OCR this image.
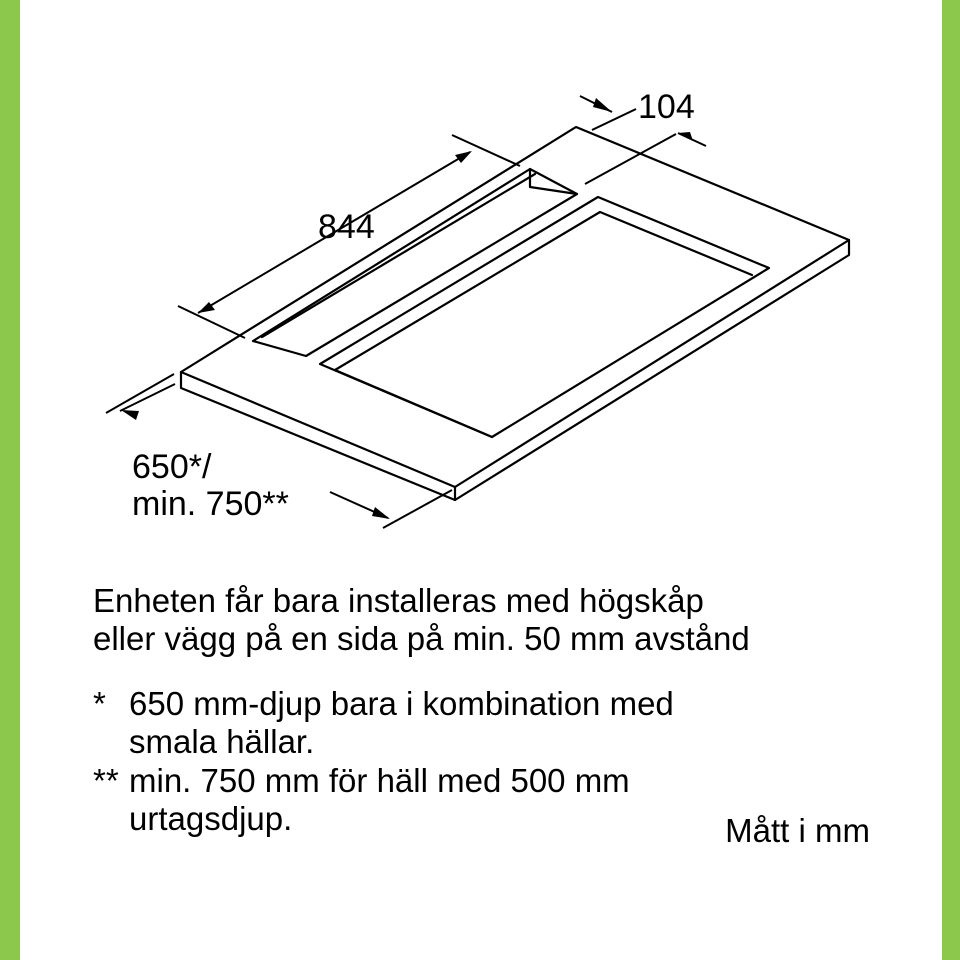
104
844
650*/
min. 750**
Enheten får bara installeras med högskåp
eller vägg på en sida på min. 50 mm avstånd
* 650 mm-djup bara i kombination med
smala hällar.
** min. 750 mm för häll med 500 mm
urtagsdjup.	Mått i mm
